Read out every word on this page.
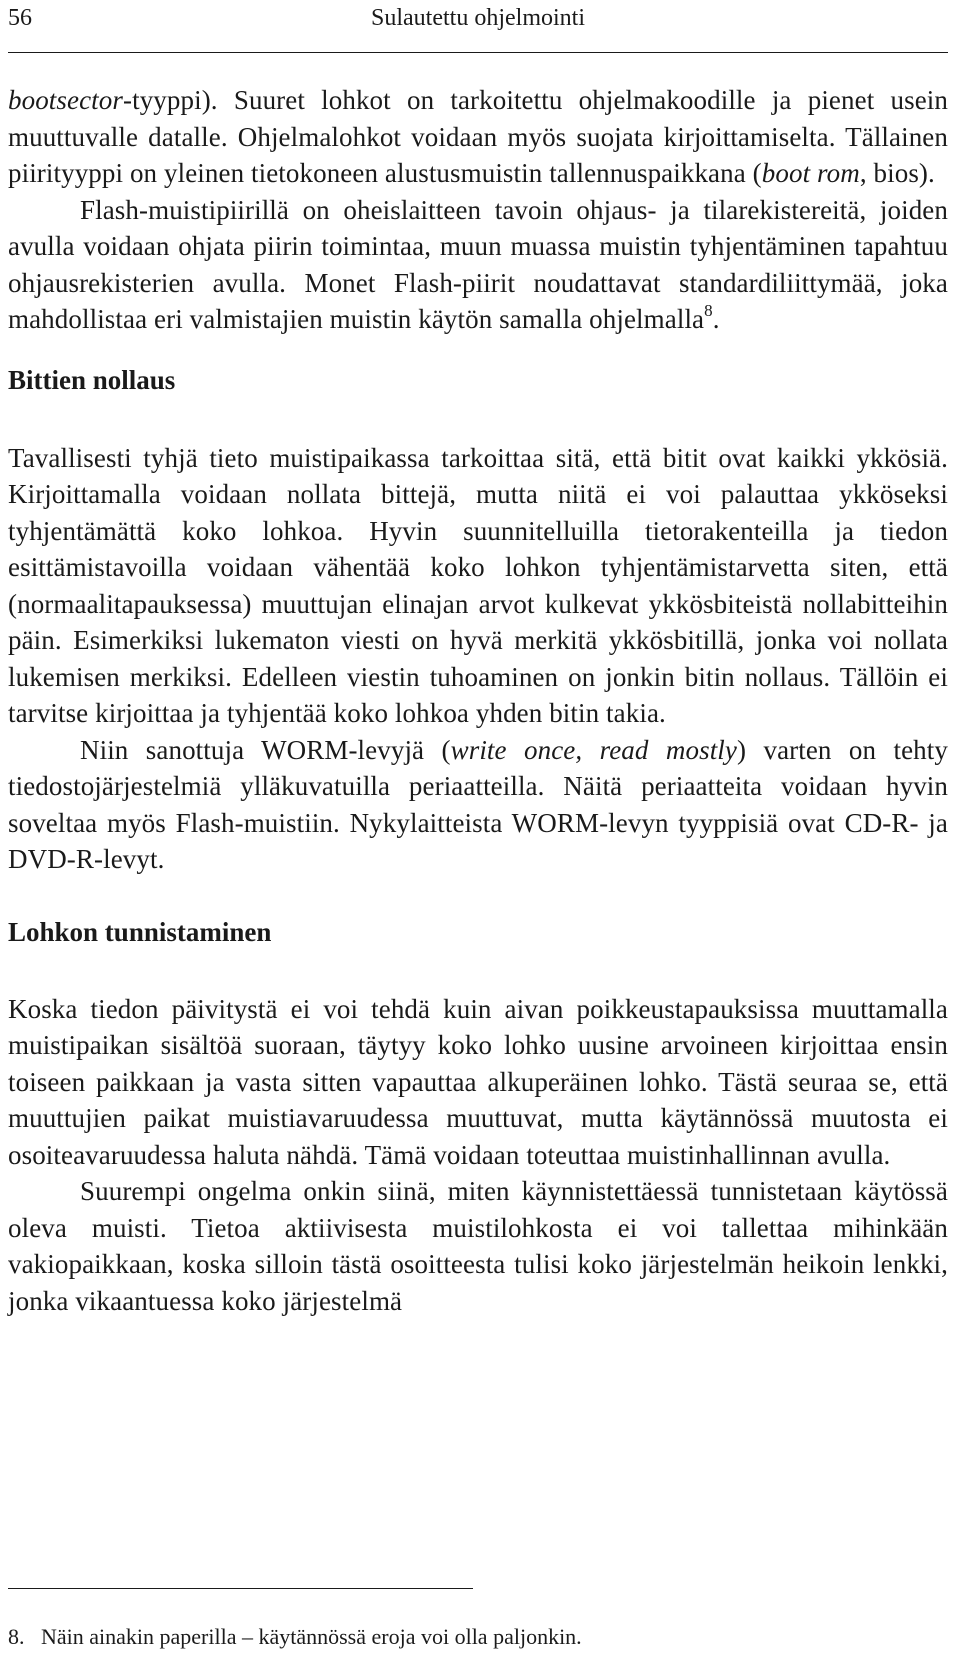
56	Sulautettu ohjelmointi

bootsector-tyyppi). Suuret lohkot on tarkoitettu ohjelmakoodille ja pienet usein muuttuvalle datalle. Ohjelmalohkot voidaan myös suojata kirjoittamiselta. Tällainen piirityyppi on yleinen tietokoneen alustusmuistin tallennuspaikkana (boot rom, bios).

Flash-muistipiirillä on oheislaitteen tavoin ohjaus- ja tilarekistereitä, joiden avulla voidaan ohjata piirin toimintaa, muun muassa muistin tyhjentäminen tapahtuu ohjausrekisterien avulla. Monet Flash-piirit noudattavat standardiliittymää, joka mahdollistaa eri valmistajien muistin käytön samalla ohjelmalla$^8$.

Bittien nollaus

Tavallisesti tyhjä tieto muistipaikassa tarkoittaa sitä, että bitit ovat kaikki ykkösiä. Kirjoittamalla voidaan nollata bittejä, mutta niitä ei voi palauttaa ykköseksi tyhjentämättä koko lohkoa. Hyvin suunnitelluilla tietorakenteilla ja tiedon esittämistavoilla voidaan vähentää koko lohkon tyhjentämistarvetta siten, että (normaalitapauksessa) muuttujan elinajan arvot kulkevat ykkösbiteistä nollabitteihin päin. Esimerkiksi lukematon viesti on hyvä merkitä ykkösbitillä, jonka voi nollata lukemisen merkiksi. Edelleen viestin tuhoaminen on jonkin bitin nollaus. Tällöin ei tarvitse kirjoittaa ja tyhjentää koko lohkoa yhden bitin takia.

Niin sanottuja WORM-levyjä (write once, read mostly) varten on tehty tiedostojärjestelmiä ylläkuvatuilla periaatteilla. Näitä periaatteita voidaan hyvin soveltaa myös Flash-muistiin. Nykylaitteista WORM-levyn tyyppisiä ovat CD-R- ja DVD-R-levyt.

Lohkon tunnistaminen

Koska tiedon päivitystä ei voi tehdä kuin aivan poikkeustapauksissa muuttamalla muistipaikan sisältöä suoraan, täytyy koko lohko uusine arvoineen kirjoittaa ensin toiseen paikkaan ja vasta sitten vapauttaa alkuperäinen lohko. Tästä seuraa se, että muuttujien paikat muistiavaruudessa muuttuvat, mutta käytännössä muutosta ei osoiteavaruudessa haluta nähdä. Tämä voidaan toteuttaa muistinhallinnan avulla.

Suurempi ongelma onkin siinä, miten käynnistettäessä tunnistetaan käytössä oleva muisti. Tietoa aktiivisesta muistilohkosta ei voi tallettaa mihinkään vakiopaikkaan, koska silloin tästä osoitteesta tulisi koko järjestelmän heikoin lenkki, jonka vikaantuessa koko järjestelmä

8. Näin ainakin paperilla – käytännössä eroja voi olla paljonkin.
